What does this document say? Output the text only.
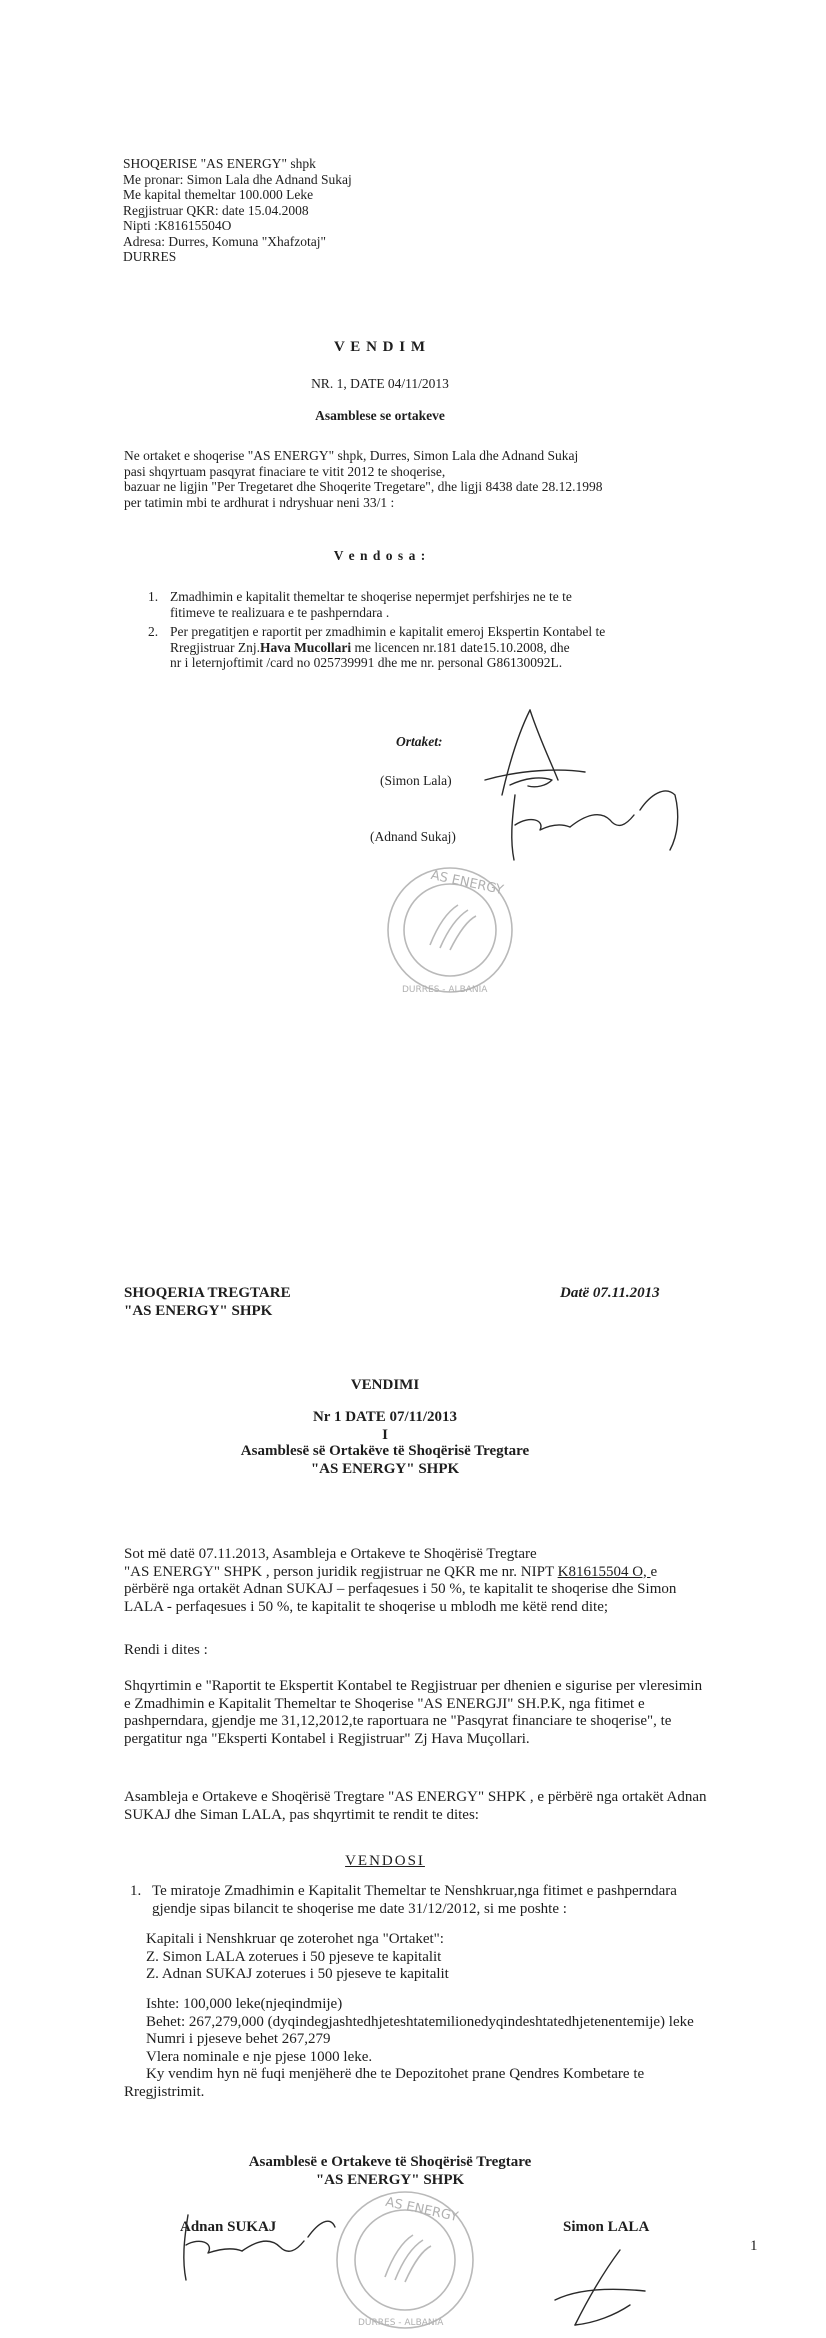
SHOQERISE "AS ENERGY" shpk
Me pronar: Simon Lala dhe Adnand Sukaj
Me kapital themeltar 100.000 Leke
Regjistruar QKR: date 15.04.2008
Nipti :K81615504O
Adresa: Durres, Komuna "Xhafzotaj"
DURRES
V E N D I M
NR. 1, DATE 04/11/2013
Asamblese se ortakeve
Ne ortaket e shoqerise "AS ENERGY" shpk, Durres, Simon Lala dhe Adnand Sukaj
pasi shqyrtuam pasqyrat finaciare te vitit 2012 te shoqerise,
bazuar ne ligjin "Per Tregetaret dhe Shoqerite Tregetare", dhe ligji 8438 date 28.12.1998
per tatimin mbi te ardhurat i ndryshuar neni 33/1 :
V e n d o s a :
1. Zmadhimin e kapitalit themeltar te shoqerise nepermjet perfshirjes ne te te
fitimeve te realizuara e te pashperndara .
2. Per pregatitjen e raportit per zmadhimin e kapitalit emeroj Ekspertin Kontabel te
Rregjistruar Znj.Hava Mucollari me licencen nr.181 date15.10.2008, dhe
nr i leternjoftimit /card no 025739991 dhe me nr. personal G86130092L.
Ortaket:
(Simon Lala)
(Adnand Sukaj)
AS ENERGY
DURRES - ALBANIA
SHOQERIA TREGTARE
"AS ENERGY" SHPK
Datë 07.11.2013
VENDIMI
Nr 1 DATE 07/11/2013
I
Asamblesë së Ortakëve të Shoqërisë Tregtare
"AS ENERGY" SHPK
Sot më datë 07.11.2013, Asambleja e Ortakeve te Shoqërisë Tregtare
"AS ENERGY" SHPK , person juridik regjistruar ne QKR me nr. NIPT K81615504 O, e
përbërë nga ortakët Adnan SUKAJ – perfaqesues i 50 %, te kapitalit te shoqerise dhe Simon
LALA - perfaqesues i 50 %, te kapitalit te shoqerise u mblodh me këtë rend dite;
Rendi i dites :
Shqyrtimin e "Raportit te Ekspertit Kontabel te Regjistruar per dhenien e sigurise per vleresimin
e Zmadhimin e Kapitalit Themeltar te Shoqerise "AS ENERGJI" SH.P.K, nga fitimet e
pashperndara, gjendje me 31,12,2012,te raportuara ne "Pasqyrat financiare te shoqerise", te
pergatitur nga "Eksperti Kontabel i Regjistruar" Zj Hava Muçollari.
Asambleja e Ortakeve e Shoqërisë Tregtare "AS ENERGY" SHPK , e përbërë nga ortakët Adnan
SUKAJ dhe Siman LALA, pas shqyrtimit te rendit te dites:
VENDOSI
1. Te miratoje Zmadhimin e Kapitalit Themeltar te Nenshkruar,nga fitimet e pashperndara
gjendje sipas bilancit te shoqerise me date 31/12/2012, si me poshte :
Kapitali i Nenshkruar qe zoterohet nga "Ortaket":
Z. Simon LALA zoterues i 50 pjeseve te kapitalit
Z. Adnan SUKAJ zoterues i 50 pjeseve te kapitalit
Ishte: 100,000 leke(njeqindmije)
Behet: 267,279,000 (dyqindegjashtedhjeteshtatemilionedyqindeshtatedhjetenentemije) leke
Numri i pjeseve behet 267,279
Vlera nominale e nje pjese 1000 leke.
Ky vendim hyn në fuqi menjëherë dhe te Depozitohet prane Qendres Kombetare te
Rregjistrimit.
Asamblesë e Ortakeve të Shoqërisë Tregtare
"AS ENERGY" SHPK
Adnan SUKAJ	Simon LALA
1
AS ENERGY
DURRES - ALBANIA
